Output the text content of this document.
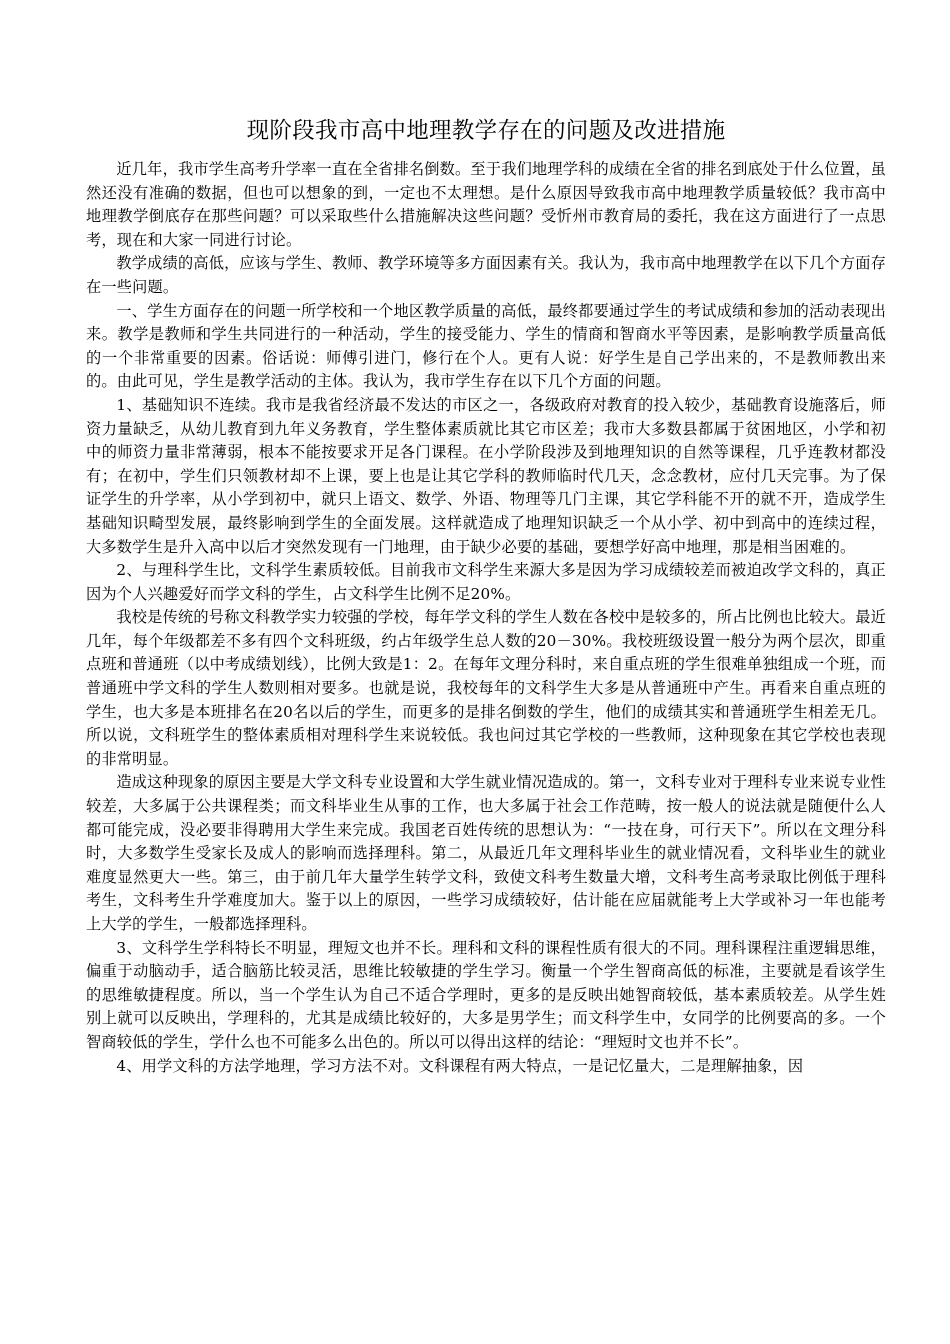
现阶段我市高中地理教学存在的问题及改进措施

近几年，我市学生高考升学率一直在全省排名倒数。至于我们地理学科的成绩在全省的排名到底处于什么位置，虽然还没有准确的数据，但也可以想象的到，一定也不太理想。是什么原因导致我市高中地理教学质量较低？我市高中地理教学倒底存在那些问题？可以采取些什么措施解决这些问题？受忻州市教育局的委托，我在这方面进行了一点思考，现在和大家一同进行讨论。

教学成绩的高低，应该与学生、教师、教学环境等多方面因素有关。我认为，我市高中地理教学在以下几个方面存在一些问题。

一、学生方面存在的问题一所学校和一个地区教学质量的高低，最终都要通过学生的考试成绩和参加的活动表现出来。教学是教师和学生共同进行的一种活动，学生的接受能力、学生的情商和智商水平等因素，是影响教学质量高低的一个非常重要的因素。俗话说：师傅引进门，修行在个人。更有人说：好学生是自己学出来的，不是教师教出来的。由此可见，学生是教学活动的主体。我认为，我市学生存在以下几个方面的问题。

1、基础知识不连续。我市是我省经济最不发达的市区之一，各级政府对教育的投入较少，基础教育设施落后，师资力量缺乏，从幼儿教育到九年义务教育，学生整体素质就比其它市区差；我市大多数县都属于贫困地区，小学和初中的师资力量非常薄弱，根本不能按要求开足各门课程。在小学阶段涉及到地理知识的自然等课程，几乎连教材都没有；在初中，学生们只领教材却不上课，要上也是让其它学科的教师临时代几天，念念教材，应付几天完事。为了保证学生的升学率，从小学到初中，就只上语文、数学、外语、物理等几门主课，其它学科能不开的就不开，造成学生基础知识畸型发展，最终影响到学生的全面发展。这样就造成了地理知识缺乏一个从小学、初中到高中的连续过程，大多数学生是升入高中以后才突然发现有一门地理，由于缺少必要的基础，要想学好高中地理，那是相当困难的。

2、与理科学生比，文科学生素质较低。目前我市文科学生来源大多是因为学习成绩较差而被迫改学文科的，真正因为个人兴趣爱好而学文科的学生，占文科学生比例不足20%。

我校是传统的号称文科教学实力较强的学校，每年学文科的学生人数在各校中是较多的，所占比例也比较大。最近几年，每个年级都差不多有四个文科班级，约占年级学生总人数的20－30%。我校班级设置一般分为两个层次，即重点班和普通班（以中考成绩划线），比例大致是1：2。在每年文理分科时，来自重点班的学生很难单独组成一个班，而普通班中学文科的学生人数则相对要多。也就是说，我校每年的文科学生大多是从普通班中产生。再看来自重点班的学生，也大多是本班排名在20名以后的学生，而更多的是排名倒数的学生，他们的成绩其实和普通班学生相差无几。所以说，文科班学生的整体素质相对理科学生来说较低。我也问过其它学校的一些教师，这种现象在其它学校也表现的非常明显。

造成这种现象的原因主要是大学文科专业设置和大学生就业情况造成的。第一，文科专业对于理科专业来说专业性较差，大多属于公共课程类；而文科毕业生从事的工作，也大多属于社会工作范畴，按一般人的说法就是随便什么人都可能完成，没必要非得聘用大学生来完成。我国老百姓传统的思想认为：“一技在身，可行天下”。所以在文理分科时，大多数学生受家长及成人的影响而选择理科。第二，从最近几年文理科毕业生的就业情况看，文科毕业生的就业难度显然更大一些。第三，由于前几年大量学生转学文科，致使文科考生数量大增，文科考生高考录取比例低于理科考生，文科考生升学难度加大。鉴于以上的原因，一些学习成绩较好，估计能在应届就能考上大学或补习一年也能考上大学的学生，一般都选择理科。

3、文科学生学科特长不明显，理短文也并不长。理科和文科的课程性质有很大的不同。理科课程注重逻辑思维，偏重于动脑动手，适合脑筋比较灵活，思维比较敏捷的学生学习。衡量一个学生智商高低的标准，主要就是看该学生的思维敏捷程度。所以，当一个学生认为自己不适合学理时，更多的是反映出她智商较低，基本素质较差。从学生姓别上就可以反映出，学理科的，尤其是成绩比较好的，大多是男学生；而文科学生中，女同学的比例要高的多。一个智商较低的学生，学什么也不可能多么出色的。所以可以得出这样的结论：“理短时文也并不长”。

4、用学文科的方法学地理，学习方法不对。文科课程有两大特点，一是记忆量大，二是理解抽象，因
